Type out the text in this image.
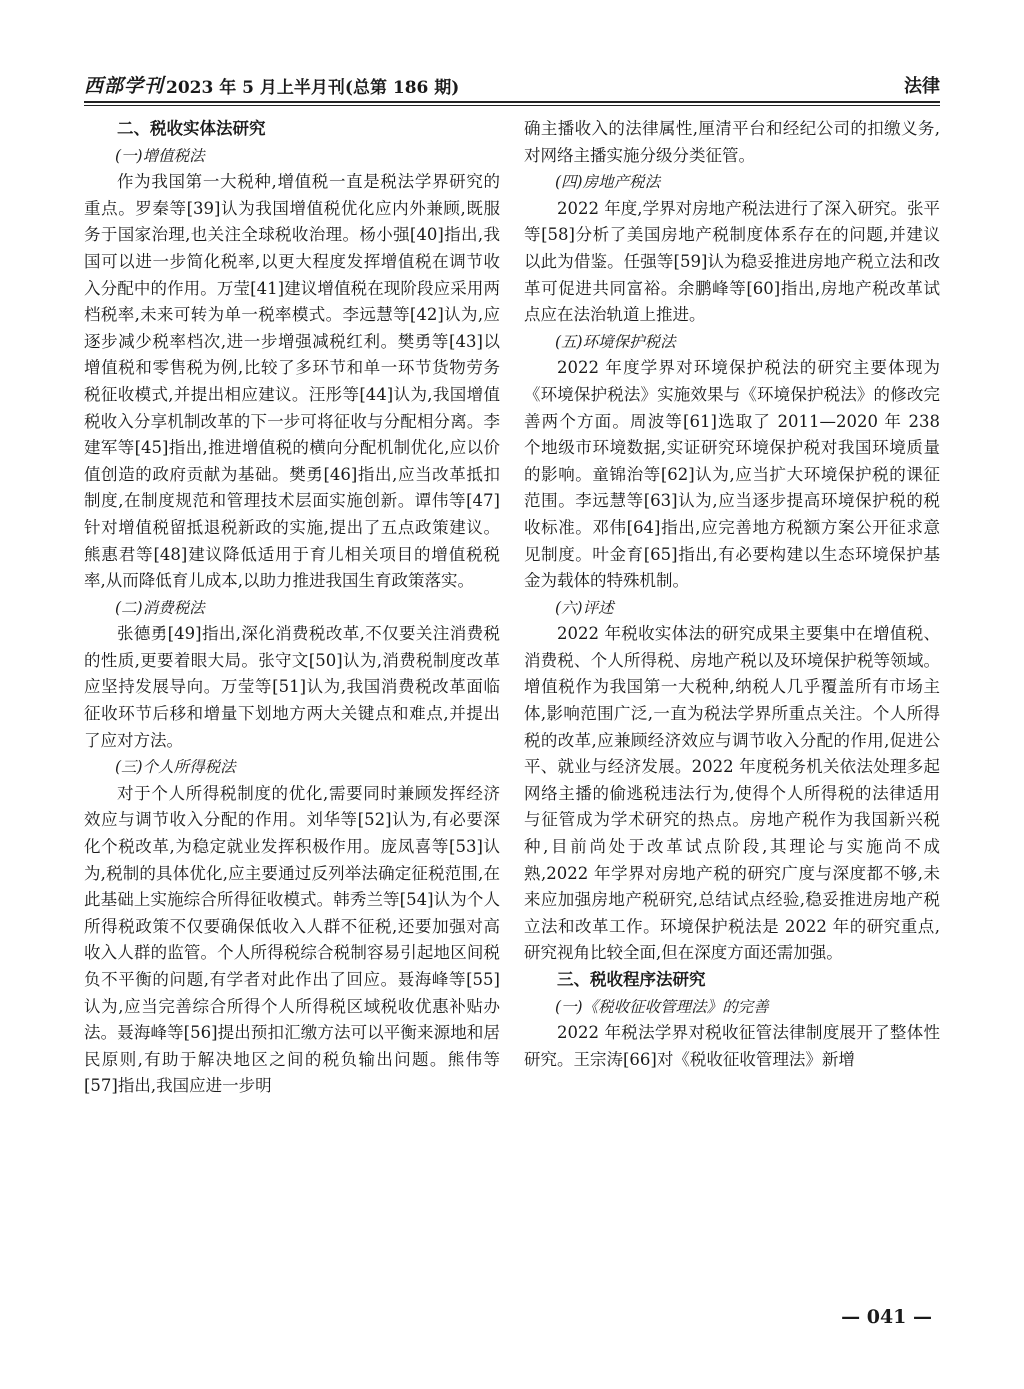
西部学刊 2023 年 5 月上半月刊(总第 186 期)	法律
二、税收实体法研究
(一)增值税法

作为我国第一大税种,增值税一直是税法学界研究的重点。罗秦等[39]认为我国增值税优化应内外兼顾,既服务于国家治理,也关注全球税收治理。杨小强[40]指出,我国可以进一步简化税率,以更大程度发挥增值税在调节收入分配中的作用。万莹[41]建议增值税在现阶段应采用两档税率,未来可转为单一税率模式。李远慧等[42]认为,应逐步减少税率档次,进一步增强减税红利。樊勇等[43]以增值税和零售税为例,比较了多环节和单一环节货物劳务税征收模式,并提出相应建议。汪彤等[44]认为,我国增值税收入分享机制改革的下一步可将征收与分配相分离。李建军等[45]指出,推进增值税的横向分配机制优化,应以价值创造的政府贡献为基础。樊勇[46]指出,应当改革抵扣制度,在制度规范和管理技术层面实施创新。谭伟等[47]针对增值税留抵退税新政的实施,提出了五点政策建议。熊惠君等[48]建议降低适用于育儿相关项目的增值税税率,从而降低育儿成本,以助力推进我国生育政策落实。

(二)消费税法

张德勇[49]指出,深化消费税改革,不仅要关注消费税的性质,更要着眼大局。张守文[50]认为,消费税制度改革应坚持发展导向。万莹等[51]认为,我国消费税改革面临征收环节后移和增量下划地方两大关键点和难点,并提出了应对方法。

(三)个人所得税法

对于个人所得税制度的优化,需要同时兼顾发挥经济效应与调节收入分配的作用。刘华等[52]认为,有必要深化个税改革,为稳定就业发挥积极作用。庞凤喜等[53]认为,税制的具体优化,应主要通过反列举法确定征税范围,在此基础上实施综合所得征收模式。韩秀兰等[54]认为个人所得税政策不仅要确保低收入人群不征税,还要加强对高收入人群的监管。个人所得税综合税制容易引起地区间税负不平衡的问题,有学者对此作出了回应。聂海峰等[55]认为,应当完善综合所得个人所得税区域税收优惠补贴办法。聂海峰等[56]提出预扣汇缴方法可以平衡来源地和居民原则,有助于解决地区之间的税负输出问题。熊伟等[57]指出,我国应进一步明

确主播收入的法律属性,厘清平台和经纪公司的扣缴义务,对网络主播实施分级分类征管。

(四)房地产税法

2022 年度,学界对房地产税法进行了深入研究。张平等[58]分析了美国房地产税制度体系存在的问题,并建议以此为借鉴。任强等[59]认为稳妥推进房地产税立法和改革可促进共同富裕。余鹏峰等[60]指出,房地产税改革试点应在法治轨道上推进。

(五)环境保护税法

2022 年度学界对环境保护税法的研究主要体现为《环境保护税法》实施效果与《环境保护税法》的修改完善两个方面。周波等[61]选取了 2011—2020 年 238 个地级市环境数据,实证研究环境保护税对我国环境质量的影响。童锦治等[62]认为,应当扩大环境保护税的课征范围。李远慧等[63]认为,应当逐步提高环境保护税的税收标准。邓伟[64]指出,应完善地方税额方案公开征求意见制度。叶金育[65]指出,有必要构建以生态环境保护基金为载体的特殊机制。

(六)评述

2022 年税收实体法的研究成果主要集中在增值税、消费税、个人所得税、房地产税以及环境保护税等领域。增值税作为我国第一大税种,纳税人几乎覆盖所有市场主体,影响范围广泛,一直为税法学界所重点关注。个人所得税的改革,应兼顾经济效应与调节收入分配的作用,促进公平、就业与经济发展。2022 年度税务机关依法处理多起网络主播的偷逃税违法行为,使得个人所得税的法律适用与征管成为学术研究的热点。房地产税作为我国新兴税种,目前尚处于改革试点阶段,其理论与实施尚不成熟,2022 年学界对房地产税的研究广度与深度都不够,未来应加强房地产税研究,总结试点经验,稳妥推进房地产税立法和改革工作。环境保护税法是 2022 年的研究重点,研究视角比较全面,但在深度方面还需加强。

三、税收程序法研究
(一)《税收征收管理法》的完善

2022 年税法学界对税收征管法律制度展开了整体性研究。王宗涛[66]对《税收征收管理法》新增

— 041 —
